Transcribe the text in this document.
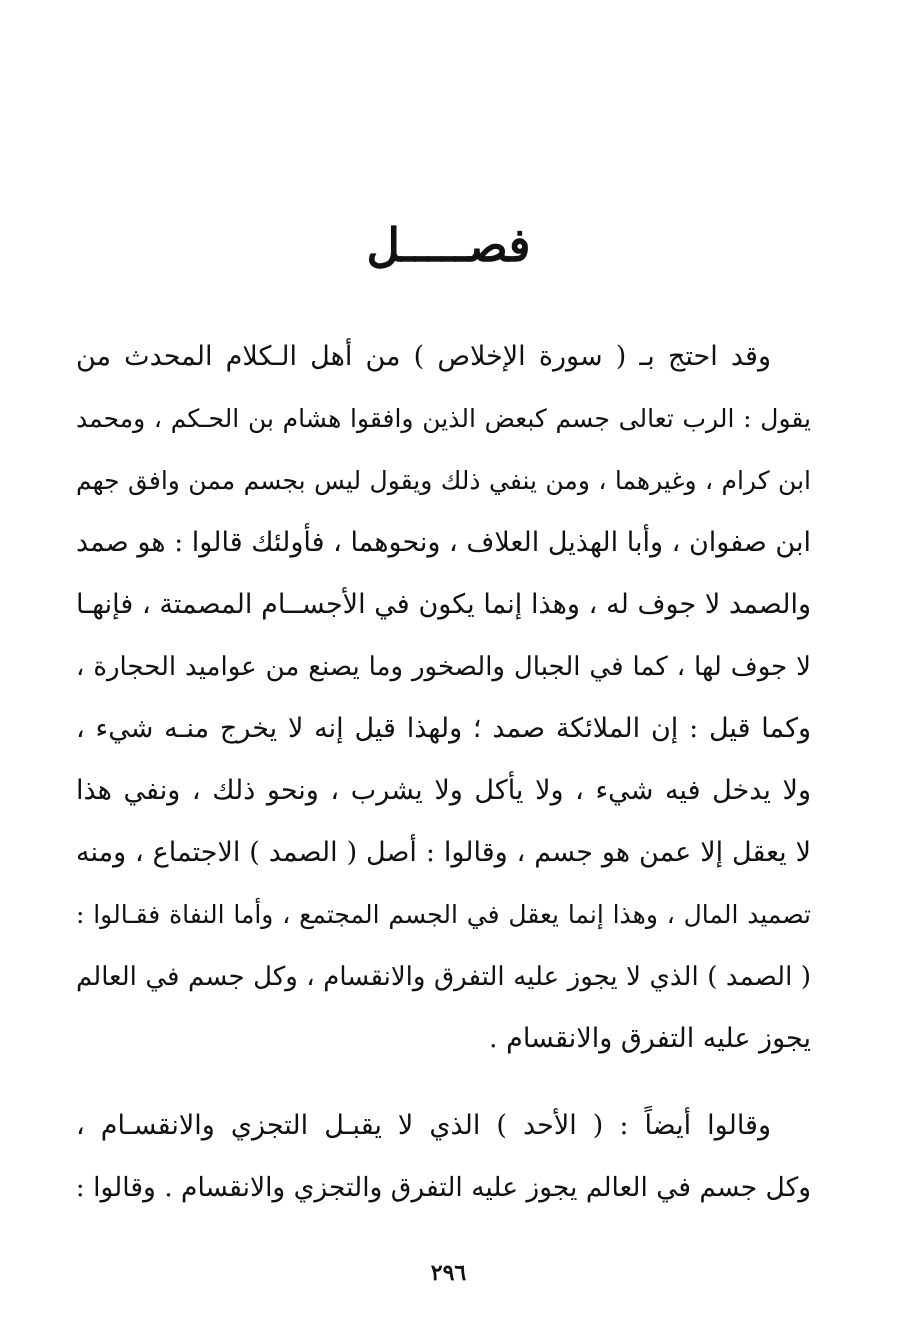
فصـــــل
وقد احتج بـ ( سورة الإخلاص ) من أهل الـكلام المحدث من
يقول : الرب تعالى جسم كبعض الذين وافقوا هشام بن الحـكم ، ومحمد
ابن كرام ، وغيرهما ، ومن ينفي ذلك ويقول ليس بجسم ممن وافق جهم
ابن صفوان ، وأبا الهذيل العلاف ، ونحوهما ، فأولئك قالوا : هو صمد
والصمد لا جوف له ، وهذا إنما يكون في الأجســام المصمتة ، فإنهـا
لا جوف لها ، كما في الجبال والصخور وما يصنع من عواميد الحجارة ،
وكما قيل : إن الملائكة صمد ؛ ولهذا قيل إنه لا يخرج منـه شيء ،
ولا يدخل فيه شيء ، ولا يأكل ولا يشرب ، ونحو ذلك ، ونفي هذا
لا يعقل إلا عمن هو جسم ، وقالوا : أصل ( الصمد ) الاجتماع ، ومنه
تصميد المال ، وهذا إنما يعقل في الجسم المجتمع ، وأما النفاة فقـالوا :
( الصمد ) الذي لا يجوز عليه التفرق والانقسام ، وكل جسم في العالم
يجوز عليه التفرق والانقسام .
وقالوا أيضاً : ( الأحد ) الذي لا يقبـل التجزي والانقسـام ،
وكل جسم في العالم يجوز عليه التفرق والتجزي والانقسام . وقالوا :
٢٩٦
